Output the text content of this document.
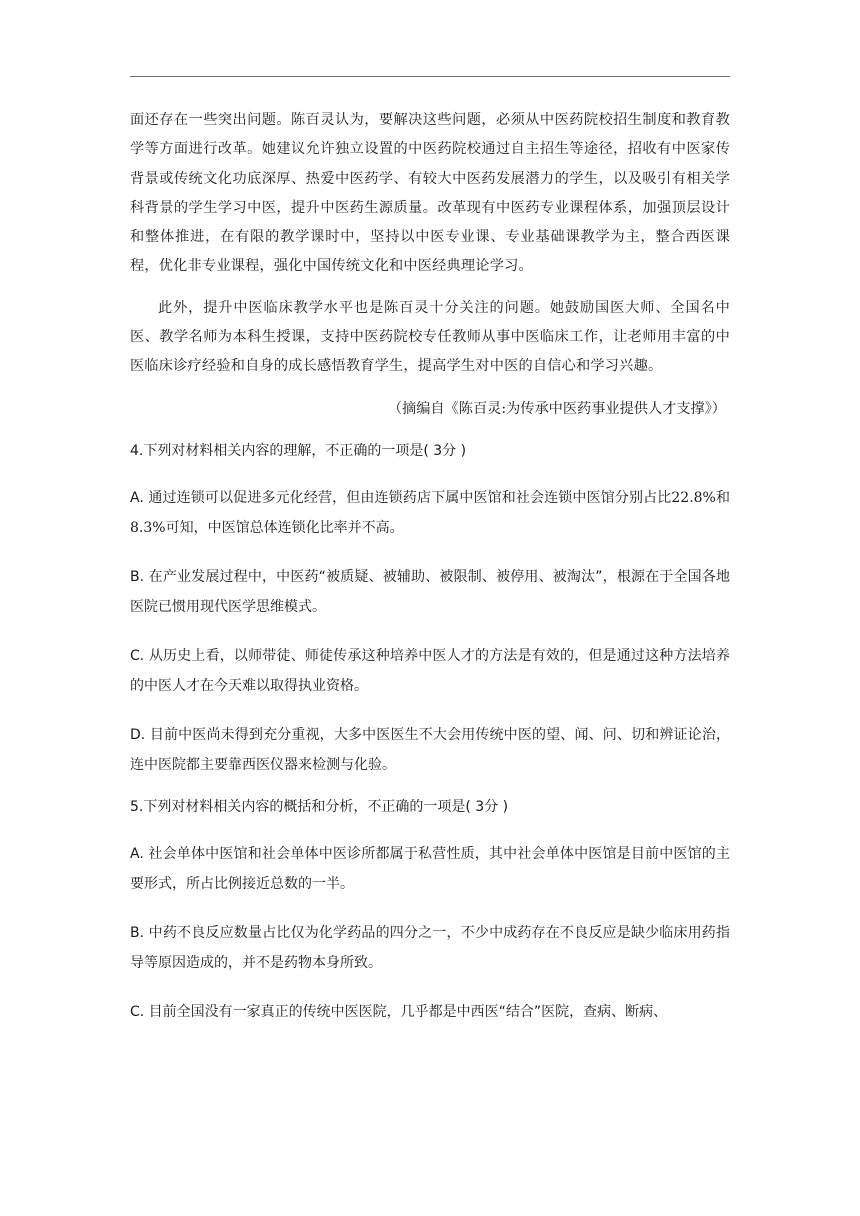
面还存在一些突出问题。陈百灵认为，要解决这些问题，必须从中医药院校招生制度和教育教学等方面进行改革。她建议允许独立设置的中医药院校通过自主招生等途径，招收有中医家传背景或传统文化功底深厚、热爱中医药学、有较大中医药发展潜力的学生，以及吸引有相关学科背景的学生学习中医，提升中医药生源质量。改革现有中医药专业课程体系，加强顶层设计和整体推进，在有限的教学课时中，坚持以中医专业课、专业基础课教学为主，整合西医课程，优化非专业课程，强化中国传统文化和中医经典理论学习。

此外，提升中医临床教学水平也是陈百灵十分关注的问题。她鼓励国医大师、全国名中医、教学名师为本科生授课，支持中医药院校专任教师从事中医临床工作，让老师用丰富的中医临床诊疗经验和自身的成长感悟教育学生，提高学生对中医的自信心和学习兴趣。

（摘编自《陈百灵:为传承中医药事业提供人才支撑》）

4.下列对材料相关内容的理解，不正确的一项是( 3分 )

A. 通过连锁可以促进多元化经营，但由连锁药店下属中医馆和社会连锁中医馆分别占比22.8%和8.3%可知，中医馆总体连锁化比率并不高。

B. 在产业发展过程中，中医药“被质疑、被辅助、被限制、被停用、被淘汰”，根源在于全国各地医院已惯用现代医学思维模式。

C. 从历史上看，以师带徒、师徒传承这种培养中医人才的方法是有效的，但是通过这种方法培养的中医人才在今天难以取得执业资格。

D. 目前中医尚未得到充分重视，大多中医医生不大会用传统中医的望、闻、问、切和辨证论治，连中医院都主要靠西医仪器来检测与化验。

5.下列对材料相关内容的概括和分析，不正确的一项是( 3分 )

A. 社会单体中医馆和社会单体中医诊所都属于私营性质，其中社会单体中医馆是目前中医馆的主要形式，所占比例接近总数的一半。

B. 中药不良反应数量占比仅为化学药品的四分之一，不少中成药存在不良反应是缺少临床用药指导等原因造成的，并不是药物本身所致。

C. 目前全国没有一家真正的传统中医医院，几乎都是中西医“结合”医院，查病、断病、
